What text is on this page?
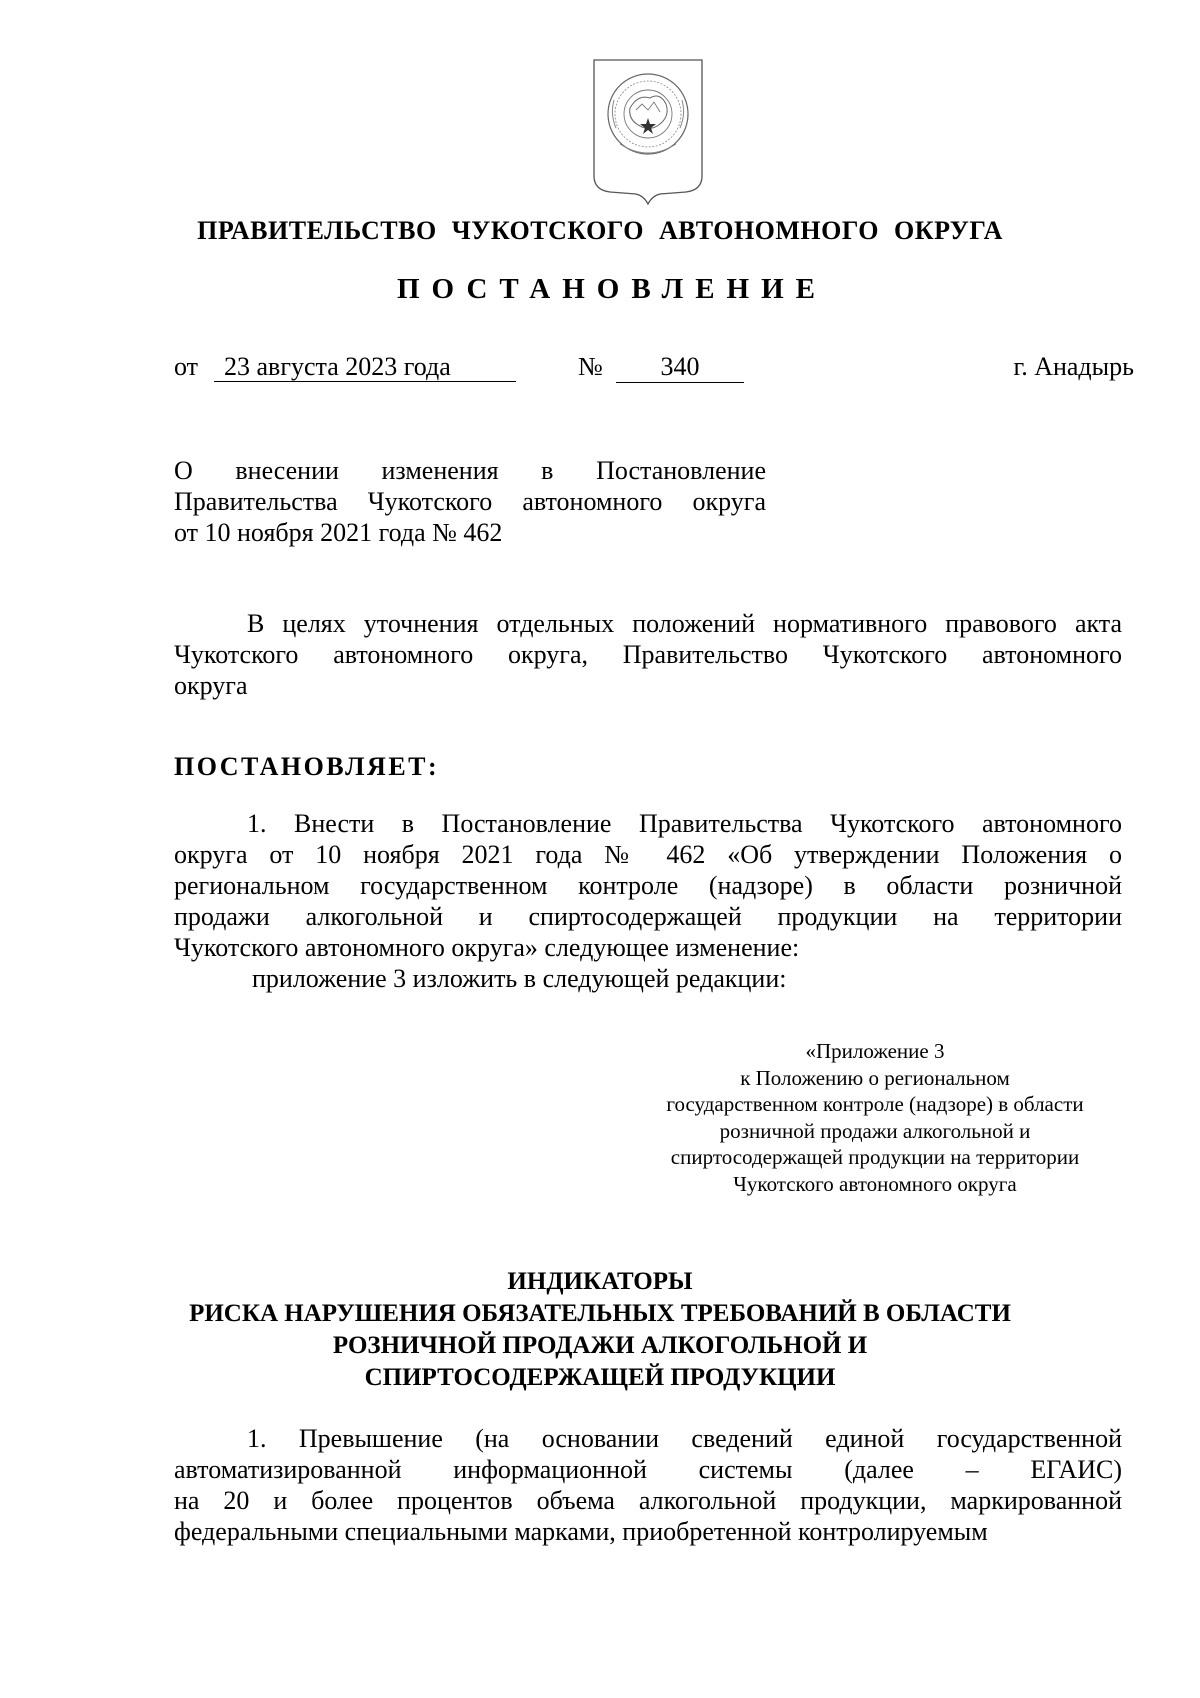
ПРАВИТЕЛЬСТВО ЧУКОТСКОГО АВТОНОМНОГО ОКРУГА
ПОСТАНОВЛЕНИЕ
от 23 августа 2023 года	№	340	г. Анадырь
О внесении изменения в Постановление
Правительства Чукотского автономного округа
от 10 ноября 2021 года № 462
В целях уточнения отдельных положений нормативного правового акта
Чукотского автономного округа, Правительство Чукотского автономного
округа
ПОСТАНОВЛЯЕТ:
1. Внести в Постановление Правительства Чукотского автономного
округа от 10 ноября 2021 года № 462 «Об утверждении Положения о
региональном государственном контроле (надзоре) в области розничной
продажи алкогольной и спиртосодержащей продукции на территории
Чукотского автономного округа» следующее изменение:
приложение 3 изложить в следующей редакции:
«Приложение 3
к Положению о региональном
государственном контроле (надзоре) в области
розничной продажи алкогольной и
спиртосодержащей продукции на территории
Чукотского автономного округа
ИНДИКАТОРЫ
РИСКА НАРУШЕНИЯ ОБЯЗАТЕЛЬНЫХ ТРЕБОВАНИЙ В ОБЛАСТИ
РОЗНИЧНОЙ ПРОДАЖИ АЛКОГОЛЬНОЙ И
СПИРТОСОДЕРЖАЩЕЙ ПРОДУКЦИИ
1. Превышение (на основании сведений единой государственной
автоматизированной информационной системы (далее – ЕГАИС)
на 20 и более процентов объема алкогольной продукции, маркированной
федеральными специальными марками, приобретенной контролируемым
